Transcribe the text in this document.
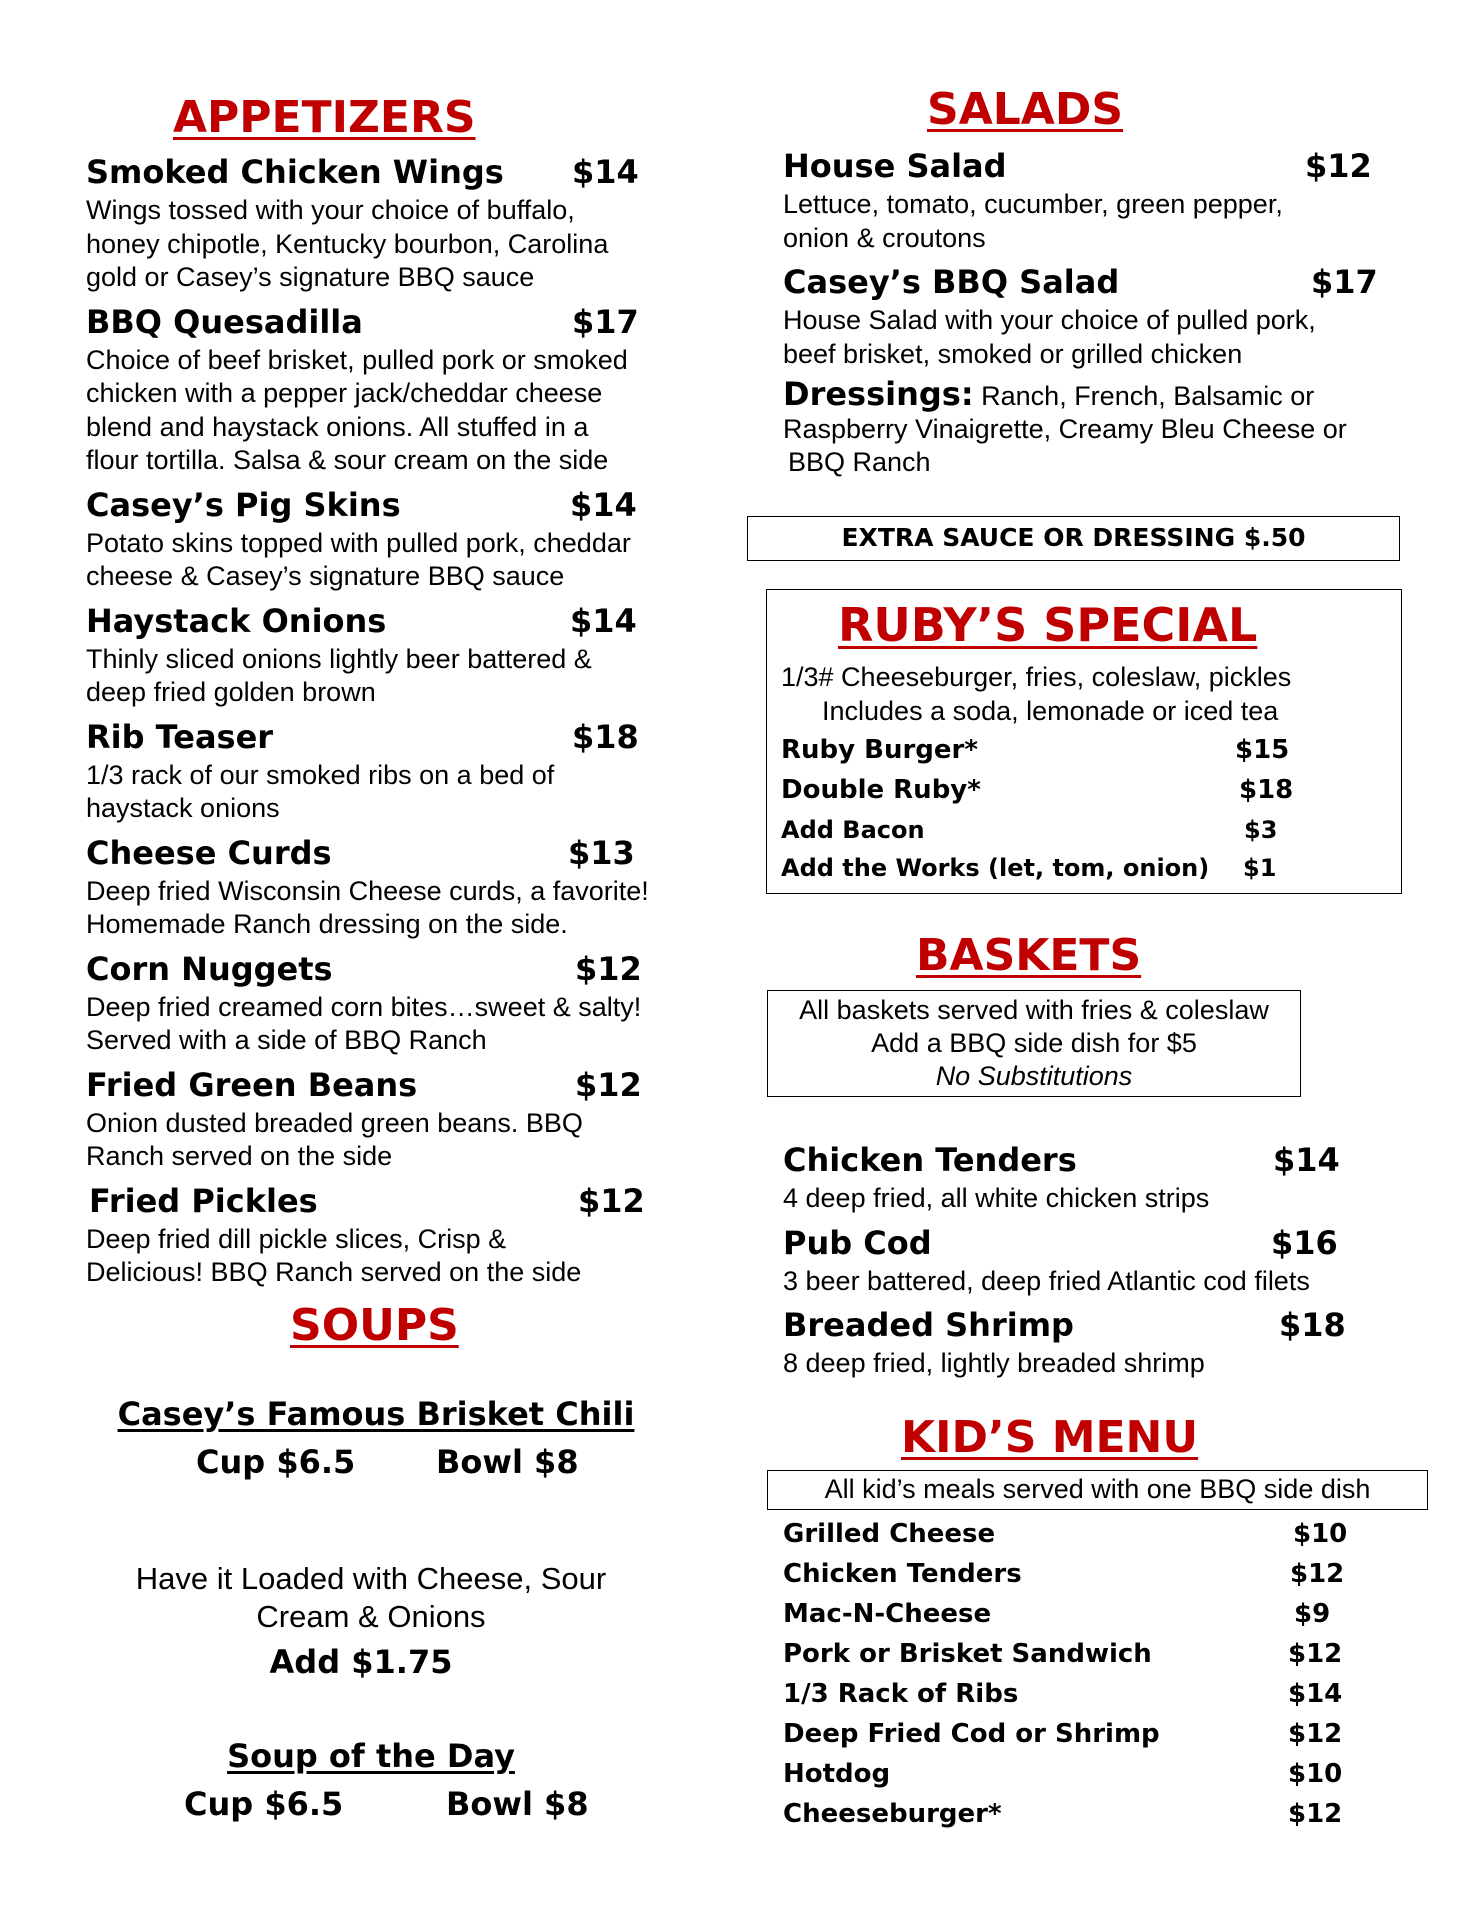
APPETIZERS
Smoked Chicken Wings	$14
Wings tossed with your choice of buffalo,
honey chipotle, Kentucky bourbon, Carolina
gold or Casey’s signature BBQ sauce
BBQ Quesadilla	$17
Choice of beef brisket, pulled pork or smoked
chicken with a pepper jack/cheddar cheese
blend and haystack onions. All stuffed in a
flour tortilla. Salsa & sour cream on the side
Casey’s Pig Skins	$14
Potato skins topped with pulled pork, cheddar
cheese & Casey’s signature BBQ sauce
Haystack Onions	$14
Thinly sliced onions lightly beer battered &
deep fried golden brown
Rib Teaser	$18
1/3 rack of our smoked ribs on a bed of
haystack onions
Cheese Curds	$13
Deep fried Wisconsin Cheese curds, a favorite!
Homemade Ranch dressing on the side.
Corn Nuggets	$12
Deep fried creamed corn bites…sweet & salty!
Served with a side of BBQ Ranch
Fried Green Beans	$12
Onion dusted breaded green beans. BBQ
Ranch served on the side
Fried Pickles	$12
Deep fried dill pickle slices, Crisp &
Delicious! BBQ Ranch served on the side
SOUPS
Casey’s Famous Brisket Chili
Cup $6.5	Bowl $8
Have it Loaded with Cheese, Sour
Cream & Onions
Add $1.75
Soup of the Day
Cup $6.5	Bowl $8
SALADS
House Salad	$12
Lettuce, tomato, cucumber, green pepper,
onion & croutons
Casey’s BBQ Salad	$17
House Salad with your choice of pulled pork,
beef brisket, smoked or grilled chicken
Dressings: Ranch, French, Balsamic or
Raspberry Vinaigrette, Creamy Bleu Cheese or
BBQ Ranch
EXTRA SAUCE OR DRESSING $.50
RUBY’S SPECIAL
1/3# Cheeseburger, fries, coleslaw, pickles
Includes a soda, lemonade or iced tea
Ruby Burger*	$15
Double Ruby*	$18
Add Bacon	$3
Add the Works (let, tom, onion) $1
BASKETS
All baskets served with fries & coleslaw
Add a BBQ side dish for $5
No Substitutions
Chicken Tenders	$14
4 deep fried, all white chicken strips
Pub Cod	$16
3 beer battered, deep fried Atlantic cod filets
Breaded Shrimp	$18
8 deep fried, lightly breaded shrimp
KID’S MENU
All kid’s meals served with one BBQ side dish
Grilled Cheese	$10
Chicken Tenders	$12
Mac-N-Cheese	$9
Pork or Brisket Sandwich	$12
1/3 Rack of Ribs	$14
Deep Fried Cod or Shrimp	$12
Hotdog	$10
Cheeseburger*	$12
